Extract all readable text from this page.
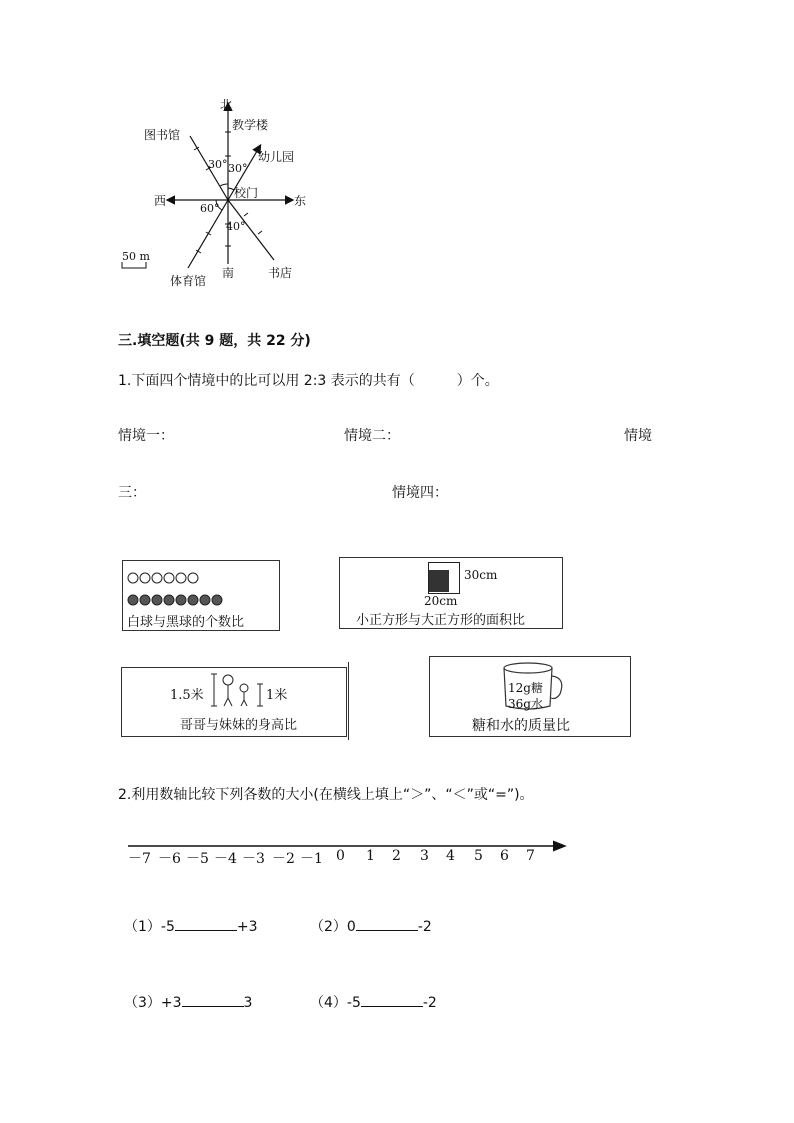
北
教学楼
图书馆
幼儿园
30° 30°
校门
西	东
60°
40°
50 m
南
体育馆
书店
三.填空题(共 9 题，共 22 分)
1.下面四个情境中的比可以用 2:3 表示的共有（　　　）个。
情境一：	情境二：	情境
三：	情境四：
白球与黑球的个数比
30cm
20cm
小正方形与大正方形的面积比
1.5米	1米
哥哥与妹妹的身高比
12g糖
36g水
糖和水的质量比
2.利用数轴比较下列各数的大小(在横线上填上“＞”、“＜”或“=”)。
－7 －6 －5 －4 －3 －2 －1 0 1 2 3 4 5 6 7
（1）-5	+3	（2）0	-2
（3）+3	3	（4）-5	-2
